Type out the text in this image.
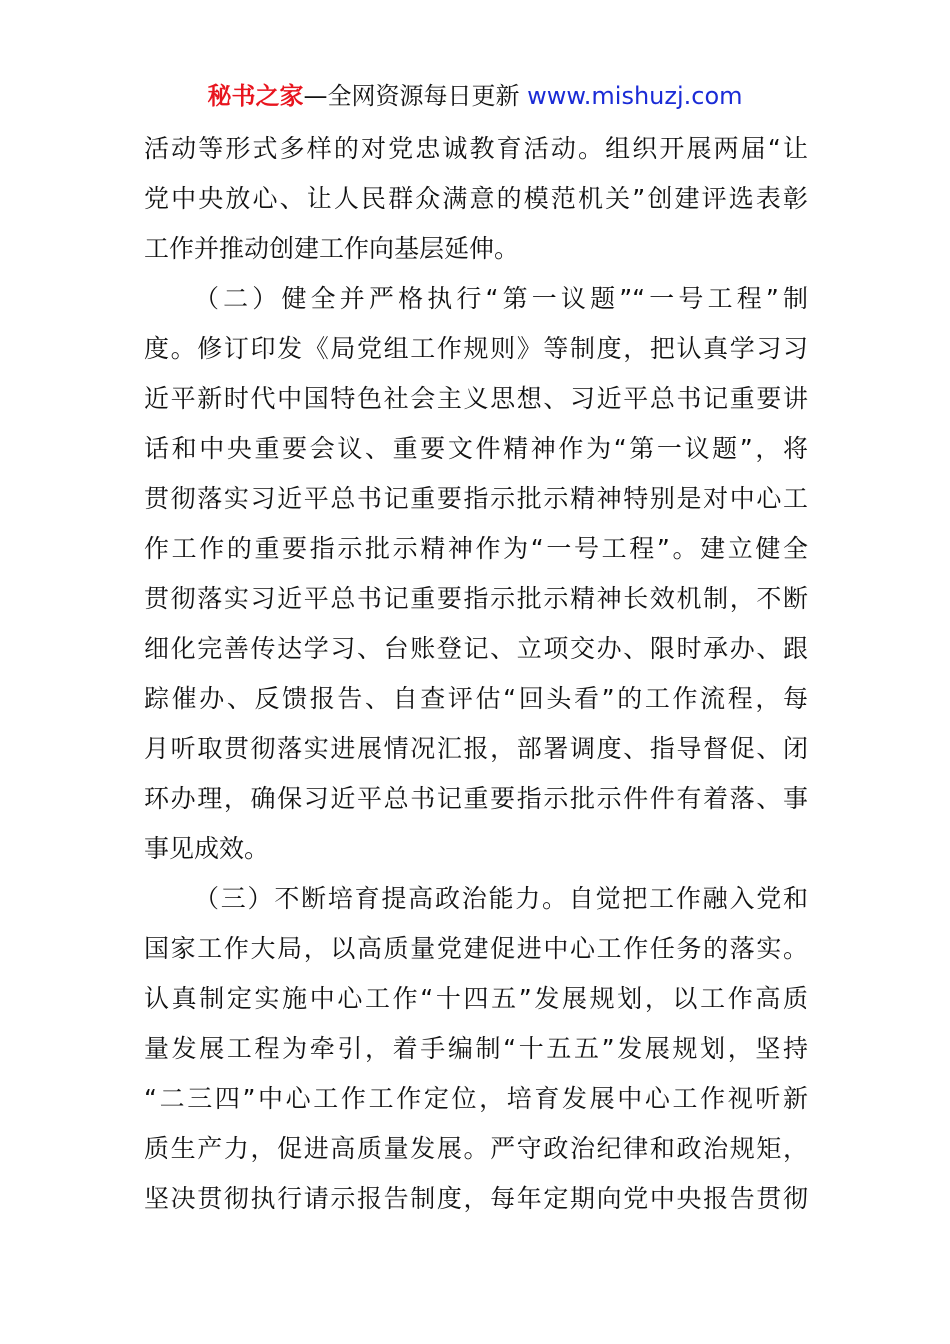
秘书之家—全网资源每日更新 www.mishuzj.com
活动等形式多样的对党忠诚教育活动。组织开展两届“让
党中央放心、让人民群众满意的模范机关”创建评选表彰
工作并推动创建工作向基层延伸。
（二）健全并严格执行“第一议题”“一号工程”制
度。修订印发《局党组工作规则》等制度，把认真学习习
近平新时代中国特色社会主义思想、习近平总书记重要讲
话和中央重要会议、重要文件精神作为“第一议题”，将
贯彻落实习近平总书记重要指示批示精神特别是对中心工
作工作的重要指示批示精神作为“一号工程”。建立健全
贯彻落实习近平总书记重要指示批示精神长效机制，不断
细化完善传达学习、台账登记、立项交办、限时承办、跟
踪催办、反馈报告、自查评估“回头看”的工作流程，每
月听取贯彻落实进展情况汇报，部署调度、指导督促、闭
环办理，确保习近平总书记重要指示批示件件有着落、事
事见成效。
（三）不断培育提高政治能力。自觉把工作融入党和
国家工作大局，以高质量党建促进中心工作任务的落实。
认真制定实施中心工作“十四五”发展规划，以工作高质
量发展工程为牵引，着手编制“十五五”发展规划，坚持
“二三四”中心工作工作定位，培育发展中心工作视听新
质生产力，促进高质量发展。严守政治纪律和政治规矩，
坚决贯彻执行请示报告制度，每年定期向党中央报告贯彻
